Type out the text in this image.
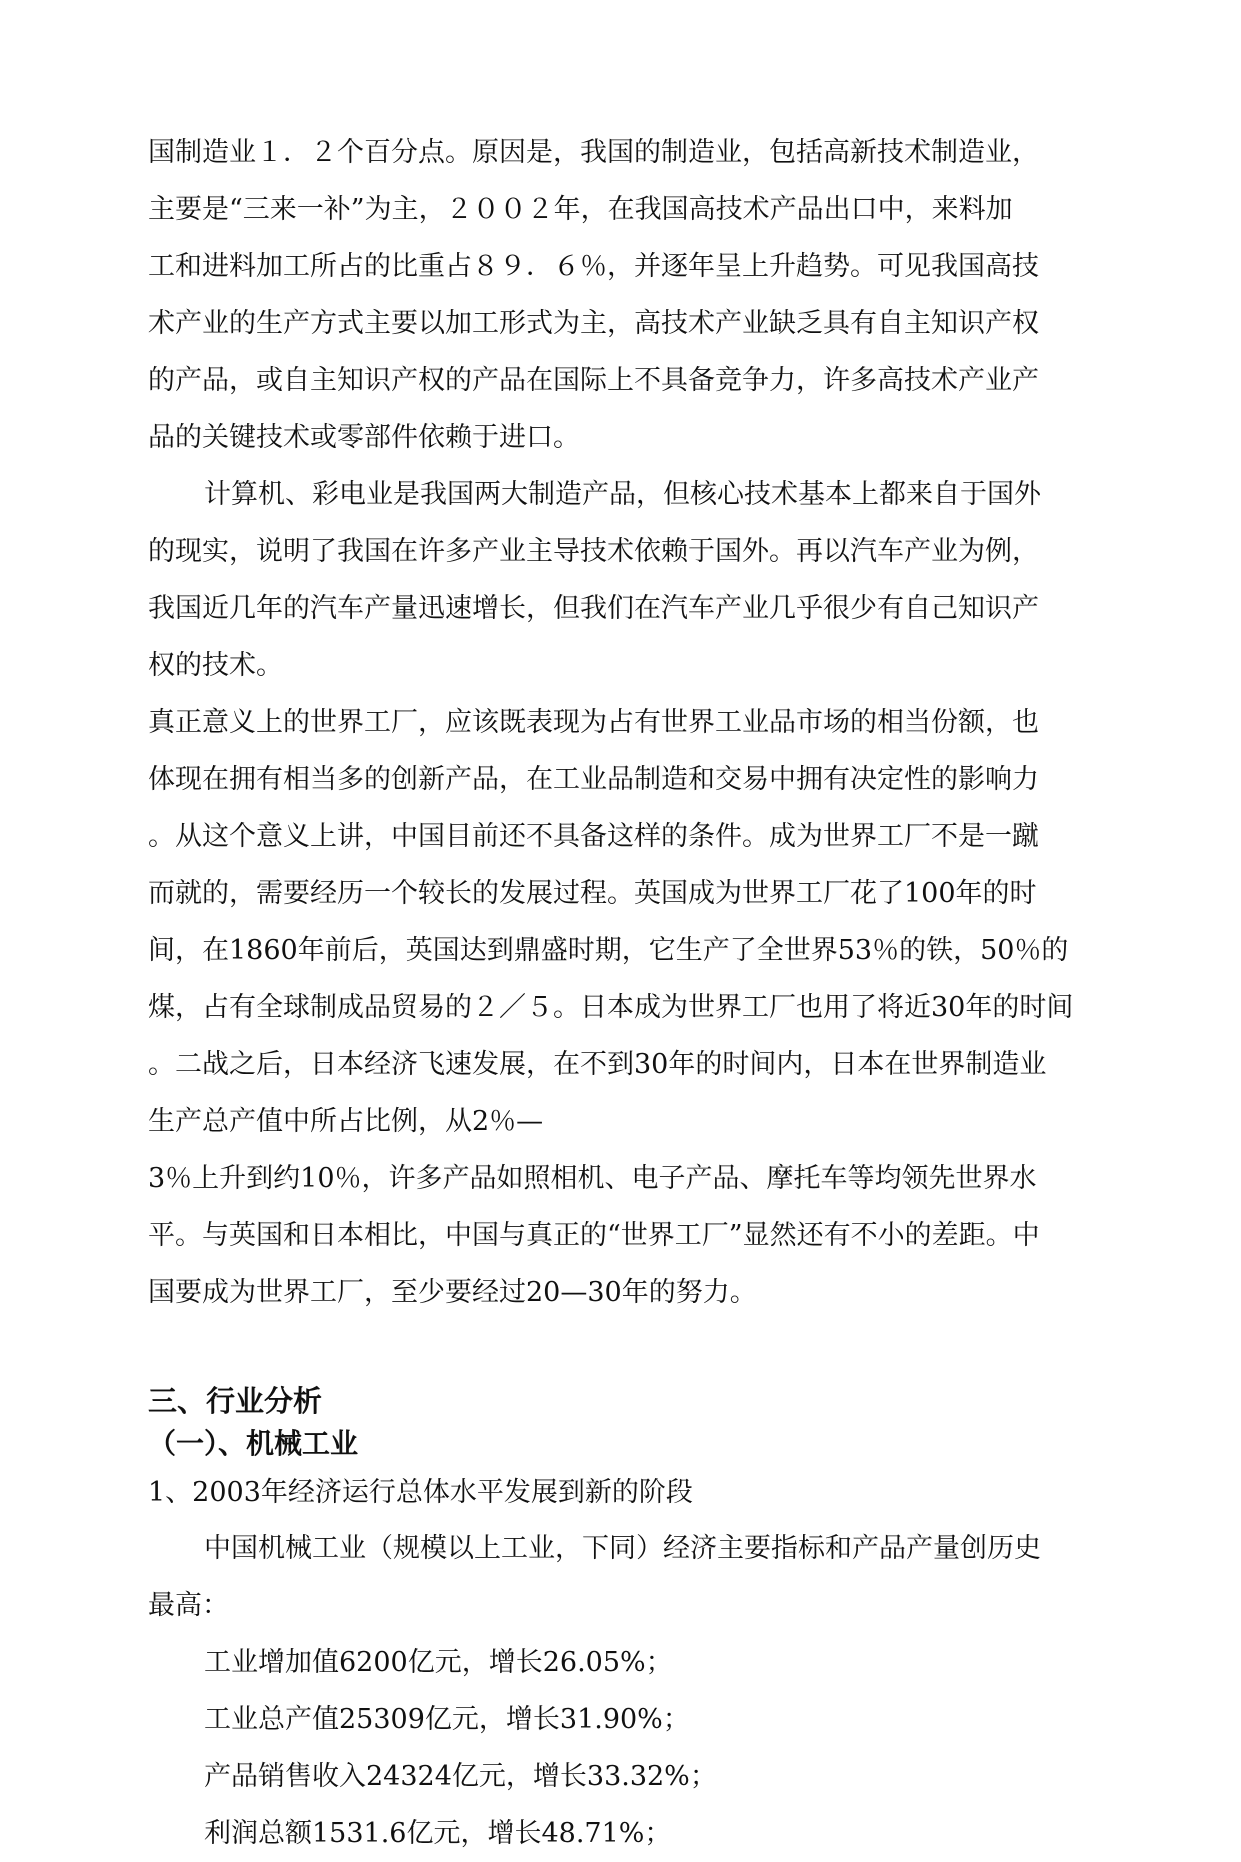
国制造业１．２个百分点。原因是，我国的制造业，包括高新技术制造业，
主要是“三来一补”为主，２００２年，在我国高技术产品出口中，来料加
工和进料加工所占的比重占８９．６％，并逐年呈上升趋势。可见我国高技
术产业的生产方式主要以加工形式为主，高技术产业缺乏具有自主知识产权
的产品，或自主知识产权的产品在国际上不具备竞争力，许多高技术产业产
品的关键技术或零部件依赖于进口。
计算机、彩电业是我国两大制造产品，但核心技术基本上都来自于国外
的现实，说明了我国在许多产业主导技术依赖于国外。再以汽车产业为例，
我国近几年的汽车产量迅速增长，但我们在汽车产业几乎很少有自己知识产
权的技术。
真正意义上的世界工厂，应该既表现为占有世界工业品市场的相当份额，也
体现在拥有相当多的创新产品，在工业品制造和交易中拥有决定性的影响力
。从这个意义上讲，中国目前还不具备这样的条件。成为世界工厂不是一蹴
而就的，需要经历一个较长的发展过程。英国成为世界工厂花了100年的时
间，在1860年前后，英国达到鼎盛时期，它生产了全世界53％的铁，50％的
煤，占有全球制成品贸易的２／５。日本成为世界工厂也用了将近30年的时间
。二战之后，日本经济飞速发展，在不到30年的时间内，日本在世界制造业
生产总产值中所占比例，从2％—
3％上升到约10％，许多产品如照相机、电子产品、摩托车等均领先世界水
平。与英国和日本相比，中国与真正的“世界工厂”显然还有不小的差距。中
国要成为世界工厂，至少要经过20—30年的努力。
三、行业分析
（一）、机械工业
1、2003年经济运行总体水平发展到新的阶段
中国机械工业（规模以上工业，下同）经济主要指标和产品产量创历史
最高：
工业增加值6200亿元，增长26.05%；
工业总产值25309亿元，增长31.90%；
产品销售收入24324亿元，增长33.32%；
利润总额1531.6亿元，增长48.71%；
